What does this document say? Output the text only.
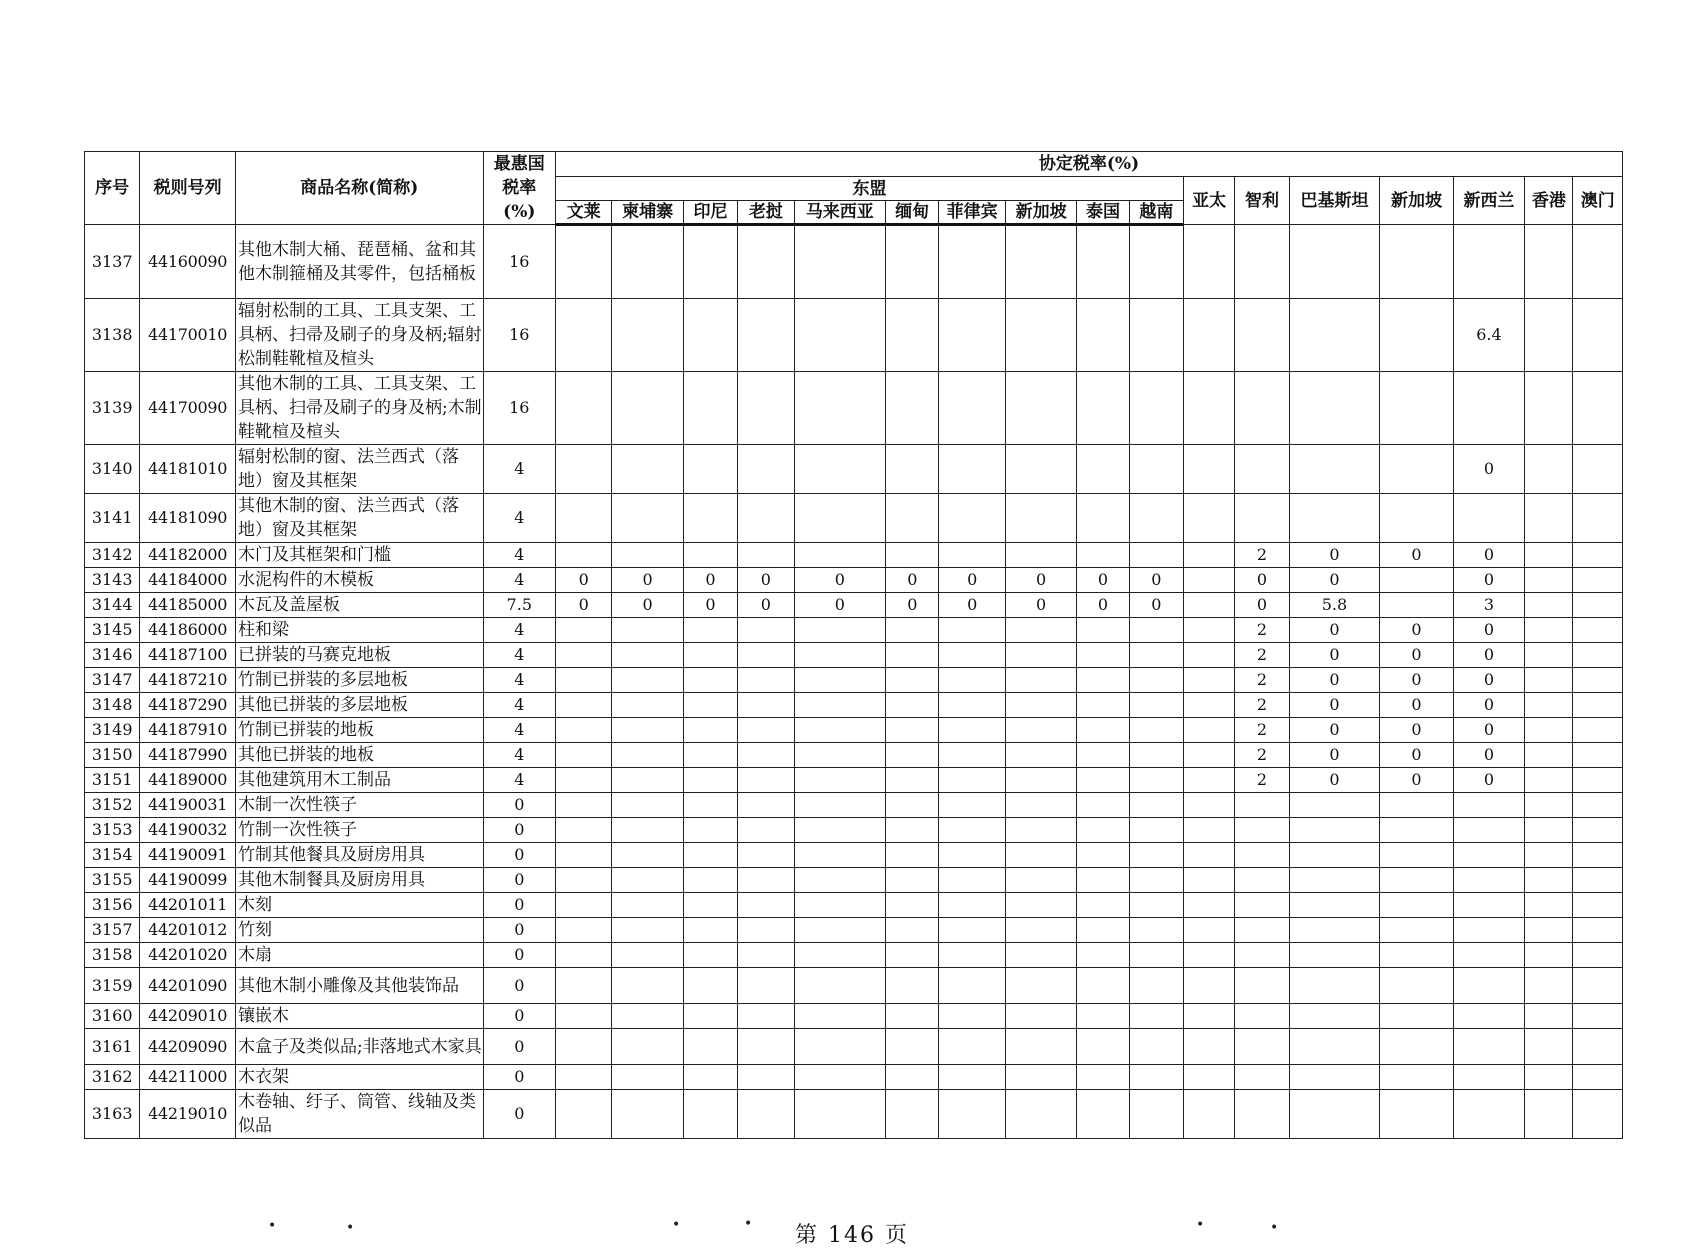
序号	税则号列	商品名称(简称)	最惠国税率(%)	协定税率(%)																
				东盟										亚太	智利	巴基斯坦	新加坡	新西兰	香港	澳门
				文莱	柬埔寨	印尼	老挝	马来西亚	缅甸	菲律宾	新加坡	泰国	越南							
3137	44160090	其他木制大桶、琵琶桶、盆和其他木制箍桶及其零件，包括桶板	16																	
3138	44170010	辐射松制的工具、工具支架、工具柄、扫帚及刷子的身及柄;辐射松制鞋靴楦及楦头	16															6.4		
3139	44170090	其他木制的工具、工具支架、工具柄、扫帚及刷子的身及柄;木制鞋靴楦及楦头	16																	
3140	44181010	辐射松制的窗、法兰西式（落地）窗及其框架	4															0		
3141	44181090	其他木制的窗、法兰西式（落地）窗及其框架	4																	
3142	44182000	木门及其框架和门槛	4												2	0	0	0		
3143	44184000	水泥构件的木模板	4	0	0	0	0	0	0	0	0	0	0		0	0		0		
3144	44185000	木瓦及盖屋板	7.5	0	0	0	0	0	0	0	0	0	0		0	5.8		3		
3145	44186000	柱和梁	4												2	0	0	0		
3146	44187100	已拼装的马赛克地板	4												2	0	0	0		
3147	44187210	竹制已拼装的多层地板	4												2	0	0	0		
3148	44187290	其他已拼装的多层地板	4												2	0	0	0		
3149	44187910	竹制已拼装的地板	4												2	0	0	0		
3150	44187990	其他已拼装的地板	4												2	0	0	0		
3151	44189000	其他建筑用木工制品	4												2	0	0	0		
3152	44190031	木制一次性筷子	0																	
3153	44190032	竹制一次性筷子	0																	
3154	44190091	竹制其他餐具及厨房用具	0																	
3155	44190099	其他木制餐具及厨房用具	0																	
3156	44201011	木刻	0																	
3157	44201012	竹刻	0																	
3158	44201020	木扇	0																	
3159	44201090	其他木制小雕像及其他装饰品	0																	
3160	44209010	镶嵌木	0																	
3161	44209090	木盒子及类似品;非落地式木家具	0																	
3162	44211000	木衣架	0																	
3163	44219010	木卷轴、纡子、筒管、线轴及类似品	0																	
•	•	•	•	•	•
第 146 页
